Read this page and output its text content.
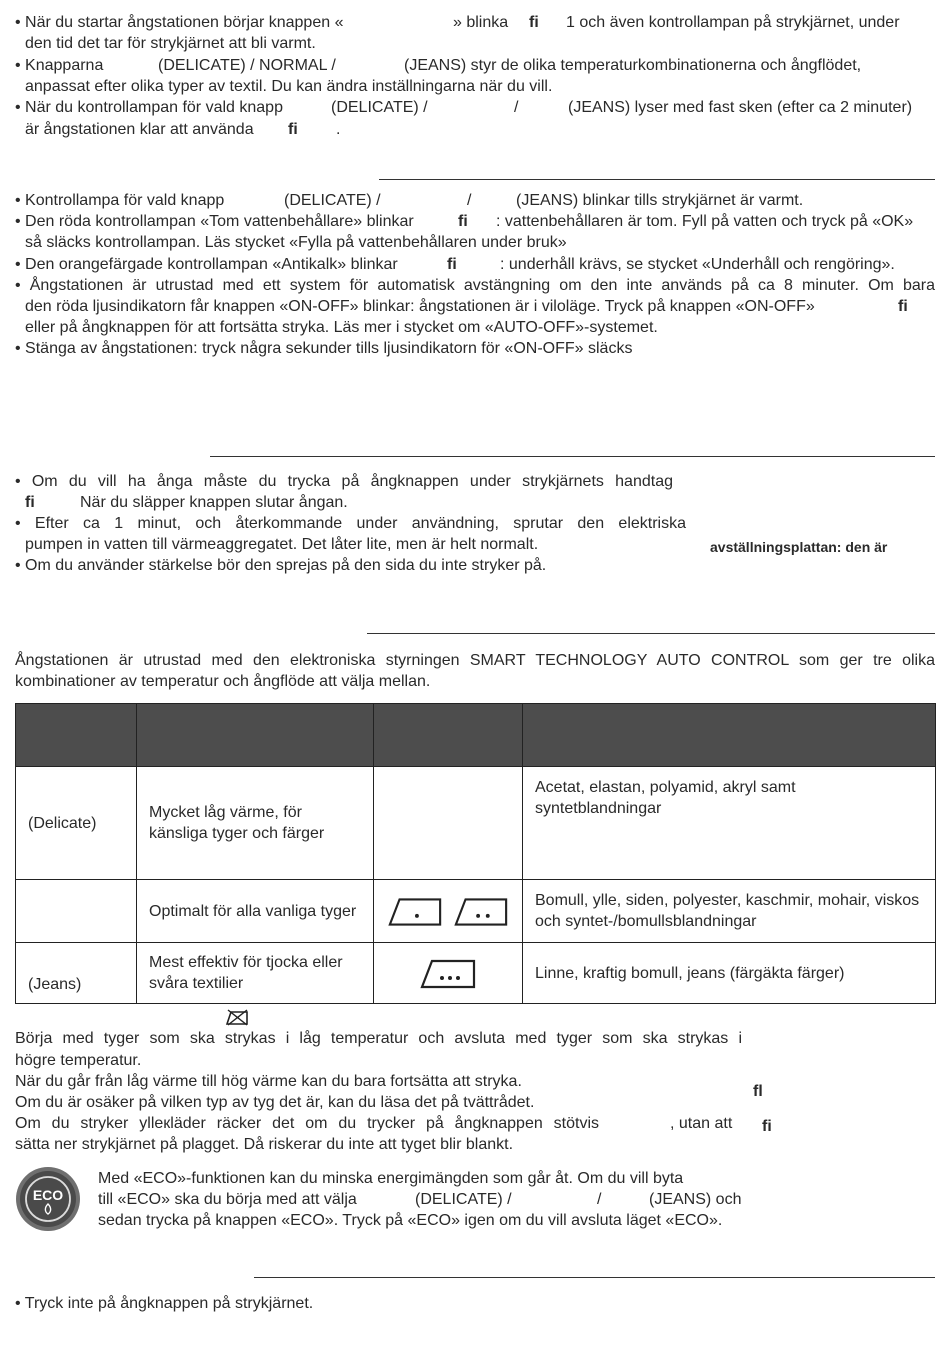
• När du startar ångstationen börjar knappen «	» blinka ﬁ 1 och även kontrollampan på strykjärnet, under
den tid det tar för strykjärnet att bli varmt.
• Knapparna	(DELICATE) / NORMAL /	(JEANS) styr de olika temperaturkombinationerna och ångflödet,
anpassat efter olika typer av textil. Du kan ändra inställningarna när du vill.
• När du kontrollampan för vald knapp	(DELICATE) /	/	(JEANS) lyser med fast sken (efter ca 2 minuter)
är ångstationen klar att använda ﬁ .
• Kontrollampa för vald knapp	(DELICATE) /	/	(JEANS) blinkar tills strykjärnet är varmt.
• Den röda kontrollampan «Tom vattenbehållare» blinkar	ﬁ : vattenbehållaren är tom. Fyll på vatten och tryck på «OK»
så släcks kontrollampan. Läs stycket «Fylla på vattenbehållaren under bruk»
• Den orangefärgade kontrollampan «Antikalk» blinkar	ﬁ	: underhåll krävs, se stycket «Underhåll och rengöring».
• Ångstationen är utrustad med ett system för automatisk avstängning om den inte används på ca 8 minuter. Om bara
den röda ljusindikatorn får knappen «ON-OFF» blinkar: ångstationen är i viloläge. Tryck på knappen «ON-OFF»	ﬁ
eller på ångknappen för att fortsätta stryka. Läs mer i stycket om «AUTO-OFF»-systemet.
• Stänga av ångstationen: tryck några sekunder tills ljusindikatorn för «ON-OFF» släcks
• Om du vill ha ånga måste du trycka på ångknappen under strykjärnets handtag
ﬁ	När du släpper knappen slutar ångan.
• Efter ca 1 minut, och återkommande under användning, sprutar den elektriska
pumpen in vatten till värmeaggregatet. Det låter lite, men är helt normalt.	avställningsplattan: den är
• Om du använder stärkelse bör den sprejas på den sida du inte stryker på.
Ångstationen är utrustad med den elektroniska styrningen SMART TECHNOLOGY AUTO CONTROL som ger tre olika
kombinationer av temperatur och ångflöde att välja mellan.

(Delicate)	Mycket låg värme, för känsliga tyger och färger		Acetat, elastan, polyamid, akryl samt syntetblandningar
	Optimalt för alla vanliga tyger		Bomull, ylle, siden, polyester, kaschmir, mohair, viskos och syntet-/bomullsblandningar
(Jeans)	Mest effektiv för tjocka eller svåra textilier		Linne, kraftig bomull, jeans (färgäkta färger)
Börja med tyger som ska strykas i låg temperatur och avsluta med tyger som ska strykas i
högre temperatur.
När du går från låg värme till hög värme kan du bara fortsätta att stryka.
ﬂ
Om du är osäker på vilken typ av tyg det är, kan du läsa det på tvättrådet.
Om du stryker ylleкläder räcker det om du trycker på ångknappen stötvis	, utan att ﬁ
sätta ner strykjärnet på plagget. Då riskerar du inte att tyget blir blankt.
ECO
Med «ECO»-funktionen kan du minska energimängden som går åt. Om du vill byta
till «ECO» ska du börja med att välja	(DELICATE) /	/	(JEANS) och
sedan trycka på knappen «ECO». Tryck på «ECO» igen om du vill avsluta läget «ECO».
• Tryck inte på ångknappen på strykjärnet.
